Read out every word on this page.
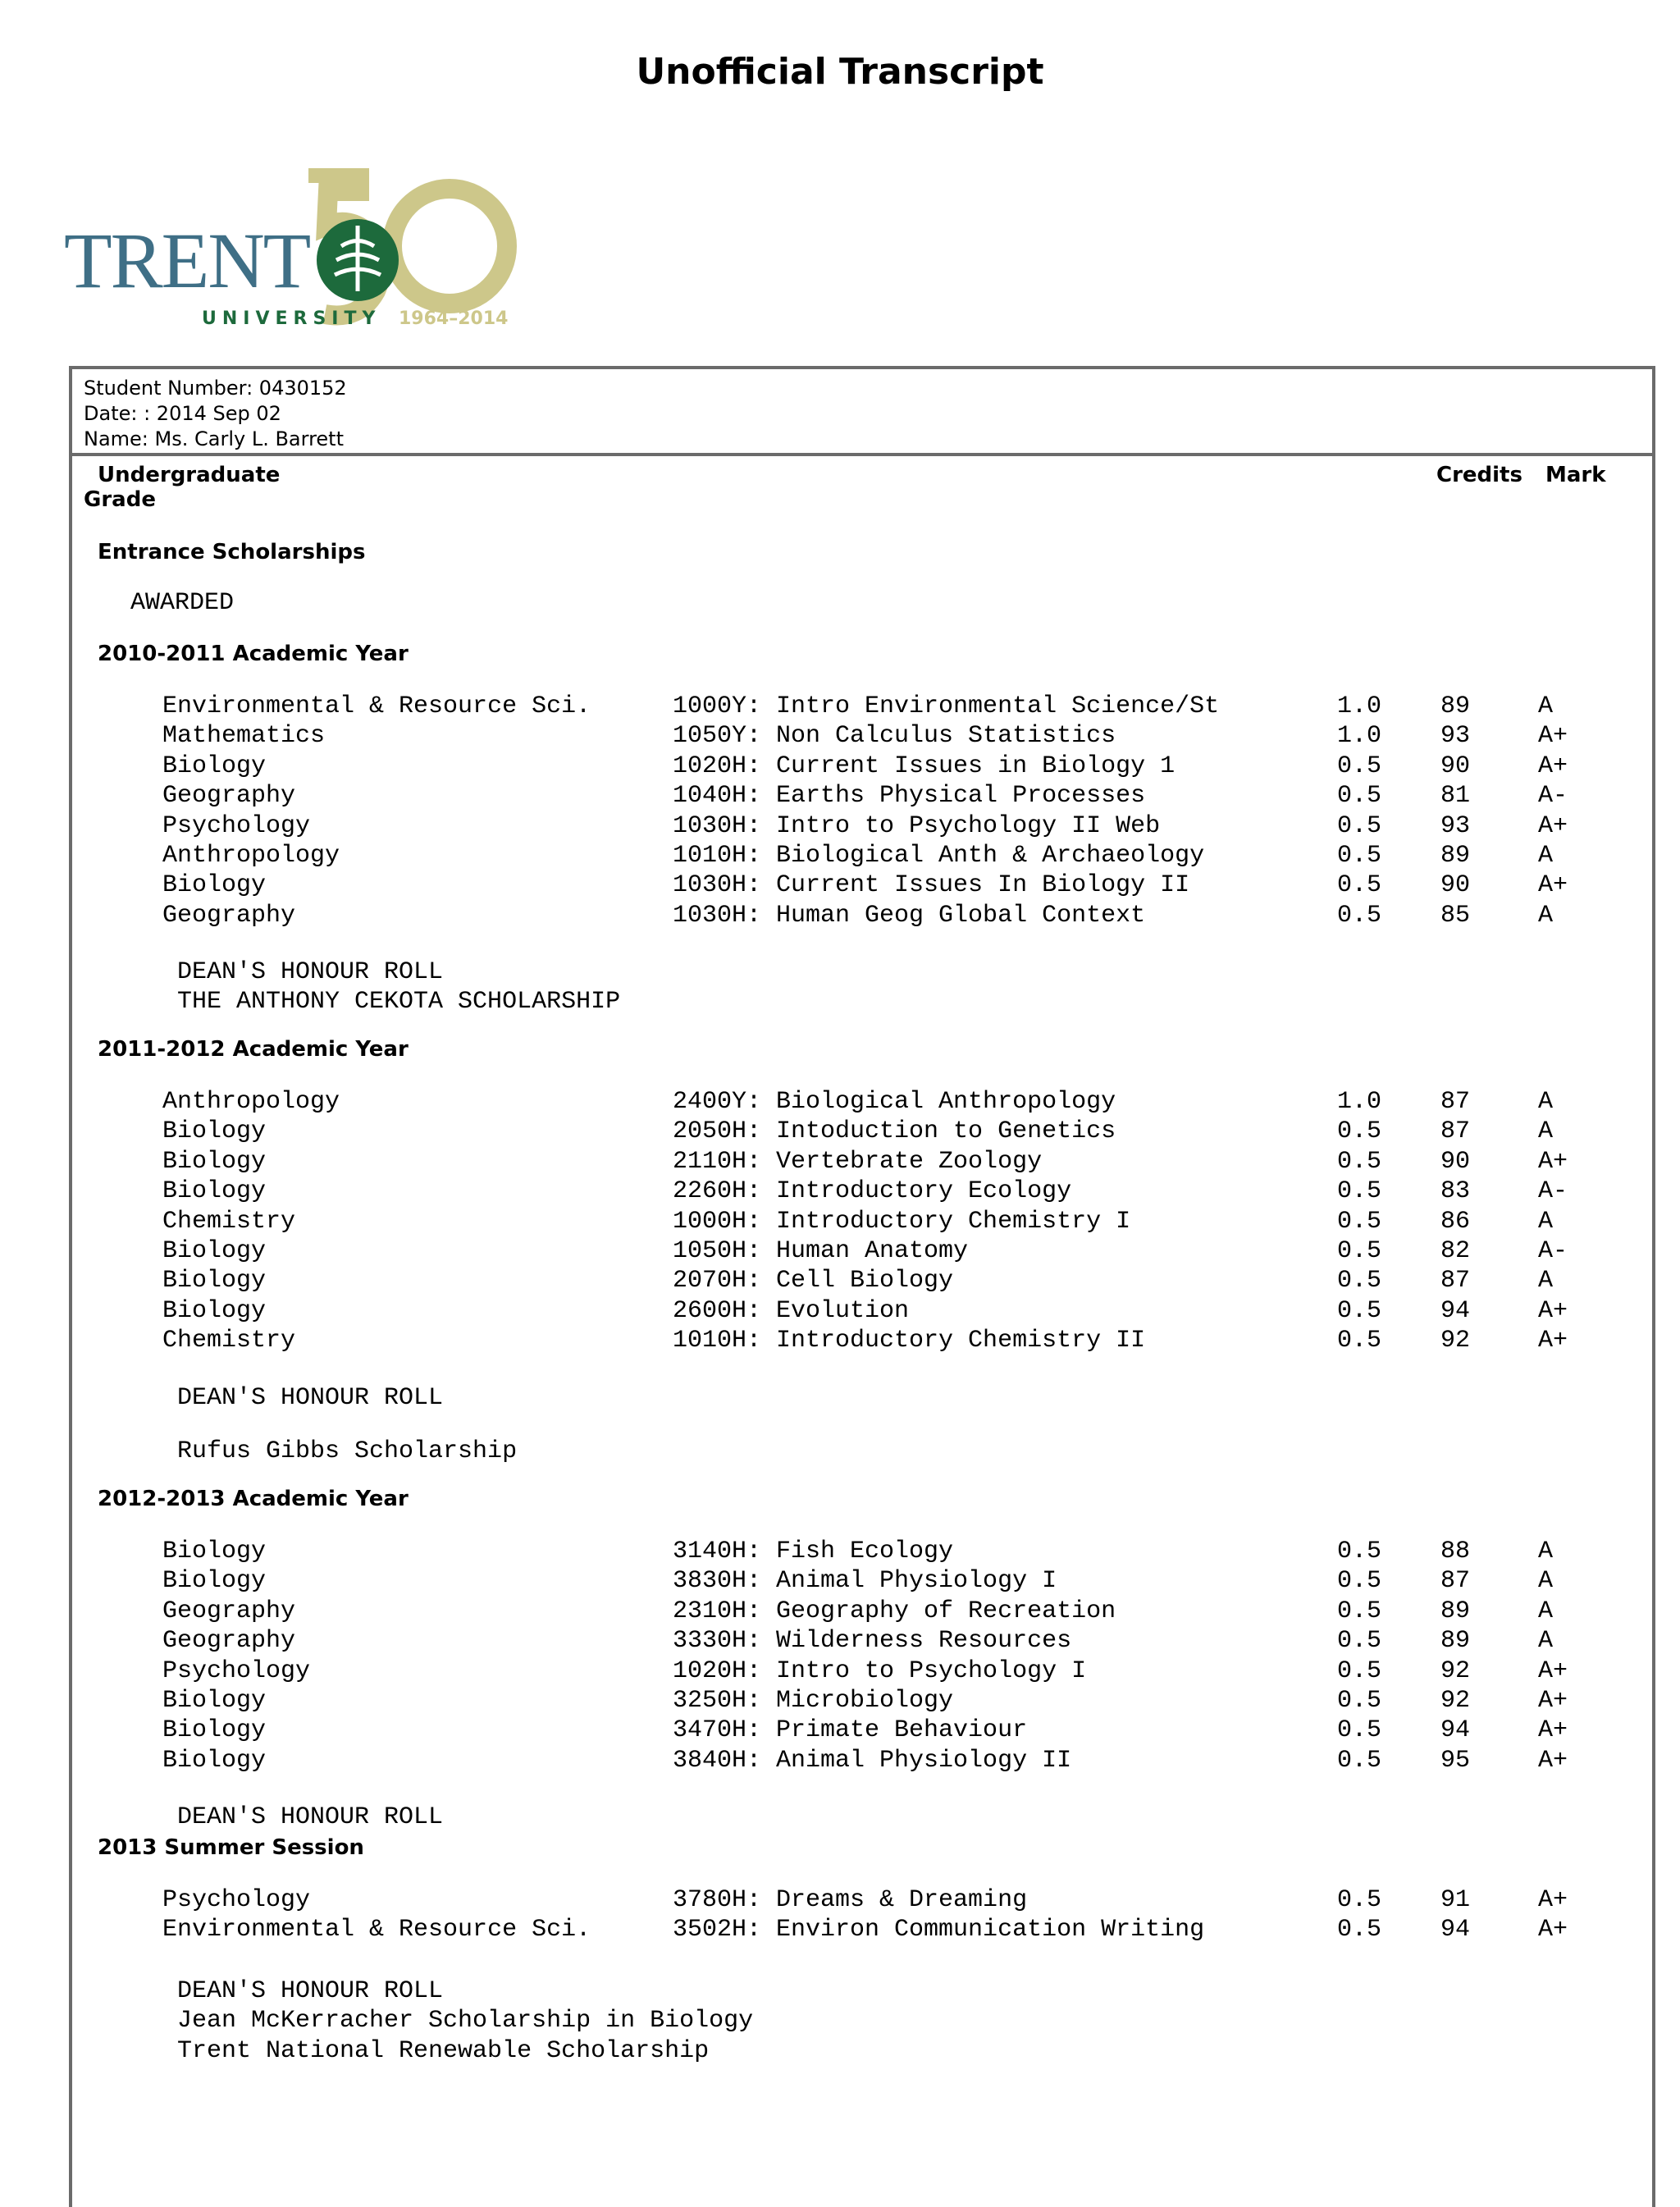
Unofficial Transcript
TRENT
UNIVERSITY 1964–2014
Student Number: 0430152
Date: : 2014 Sep 02
Name: Ms. Carly L. Barrett
Undergraduate
Grade
Credits Mark
Entrance Scholarships
AWARDED
2010-2011 Academic Year
Environmental & Resource Sci.	1000Y: Intro Environmental Science/St	1.0 89	A
Mathematics	1050Y: Non Calculus Statistics	1.0 93	A+
Biology	1020H: Current Issues in Biology 1	0.5 90	A+
Geography	1040H: Earths Physical Processes	0.5 81	A-
Psychology	1030H: Intro to Psychology II Web	0.5 93	A+
Anthropology	1010H: Biological Anth & Archaeology	0.5 89	A
Biology	1030H: Current Issues In Biology II	0.5 90	A+
Geography	1030H: Human Geog Global Context	0.5 85	A
DEAN'S HONOUR ROLL
THE ANTHONY CEKOTA SCHOLARSHIP
2011-2012 Academic Year
Anthropology	2400Y: Biological Anthropology	1.0 87	A
Biology	2050H: Intoduction to Genetics	0.5 87	A
Biology	2110H: Vertebrate Zoology	0.5 90	A+
Biology	2260H: Introductory Ecology	0.5 83	A-
Chemistry	1000H: Introductory Chemistry I	0.5 86	A
Biology	1050H: Human Anatomy	0.5 82	A-
Biology	2070H: Cell Biology	0.5 87	A
Biology	2600H: Evolution	0.5 94	A+
Chemistry	1010H: Introductory Chemistry II	0.5 92	A+
DEAN'S HONOUR ROLL
Rufus Gibbs Scholarship
2012-2013 Academic Year
Biology	3140H: Fish Ecology	0.5 88	A
Biology	3830H: Animal Physiology I	0.5 87	A
Geography	2310H: Geography of Recreation	0.5 89	A
Geography	3330H: Wilderness Resources	0.5 89	A
Psychology	1020H: Intro to Psychology I	0.5 92	A+
Biology	3250H: Microbiology	0.5 92	A+
Biology	3470H: Primate Behaviour	0.5 94	A+
Biology	3840H: Animal Physiology II	0.5 95	A+
DEAN'S HONOUR ROLL
2013 Summer Session
Psychology	3780H: Dreams & Dreaming	0.5 91	A+
Environmental & Resource Sci.	3502H: Environ Communication Writing	0.5 94	A+
DEAN'S HONOUR ROLL
Jean McKerracher Scholarship in Biology
Trent National Renewable Scholarship
